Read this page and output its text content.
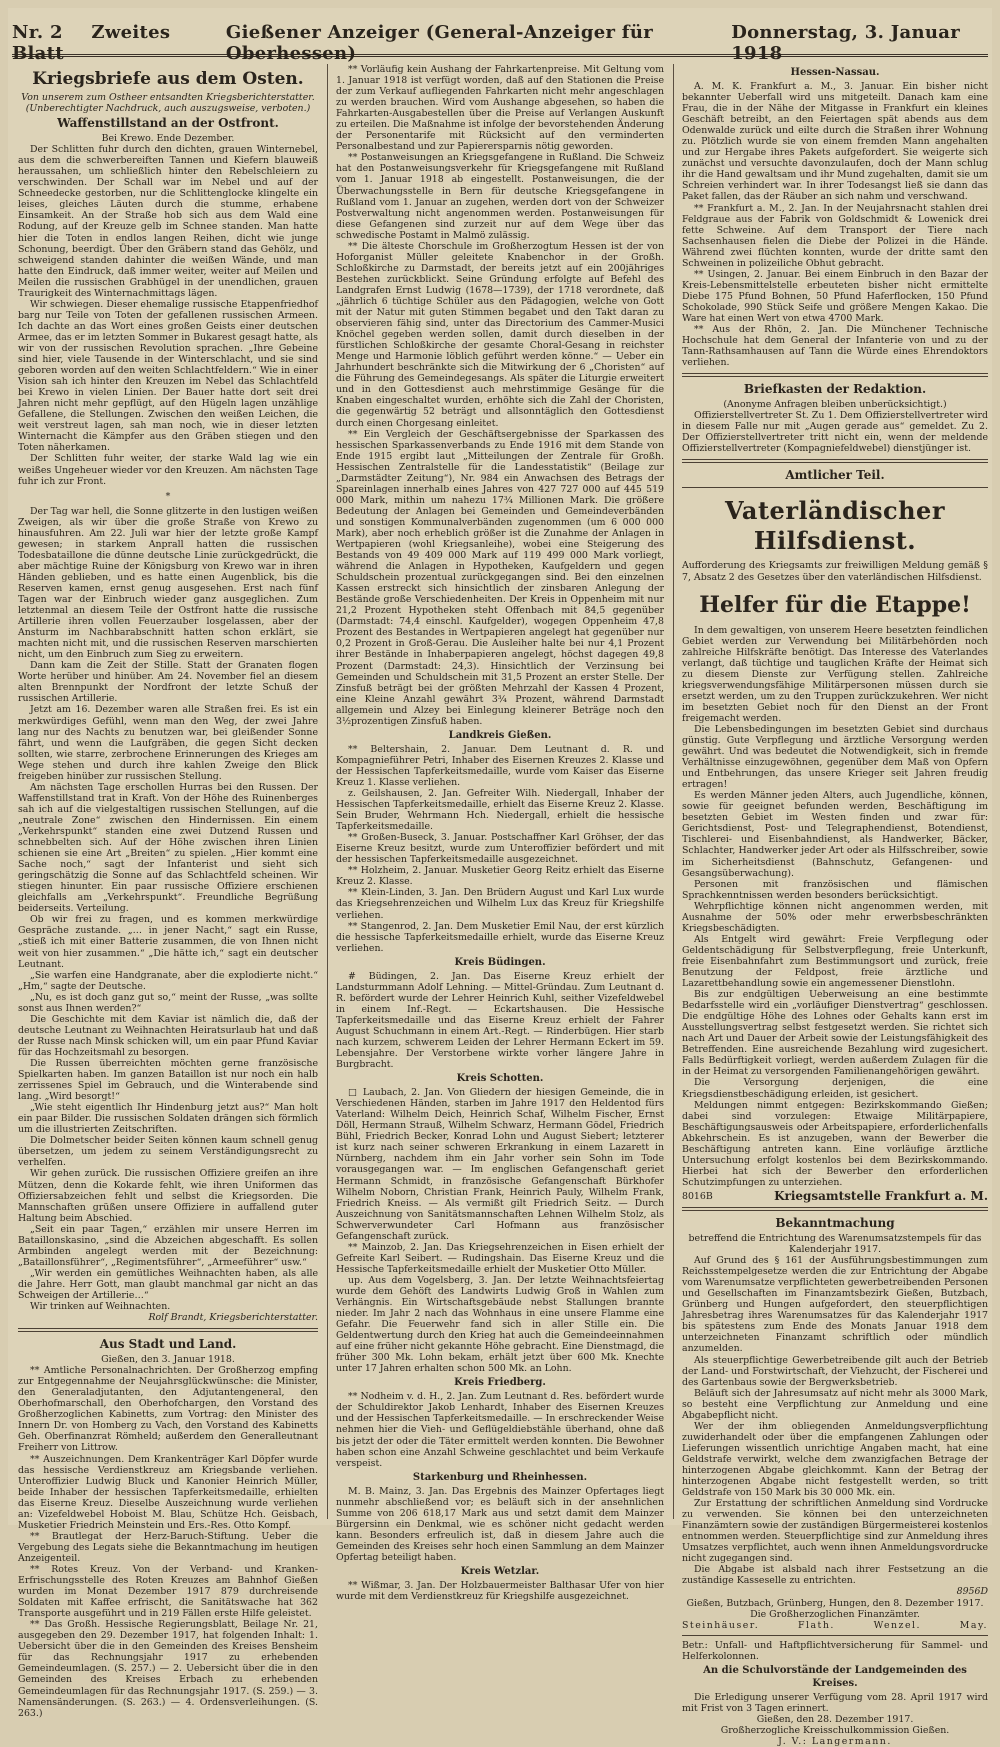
Nr. 2 Zweites Blatt
Gießener Anzeiger (General-Anzeiger für Oberhessen)
Donnerstag, 3. Januar 1918
Kriegsbriefe aus dem Osten.

Von unserem zum Ostheer entsandten Kriegsberichterstatter. (Unberechtigter Nachdruck, auch auszugsweise, verboten.)

Waffenstillstand an der Ostfront.

Bei Krewo. Ende Dezember.

Der Schlitten fuhr durch den dichten, grauen Winternebel, aus dem die schwerbereiften Tannen und Kiefern blauweiß heraussahen, um schließlich hinter den Rebelschleiern zu verschwinden. Der Schall war im Nebel und auf der Schneedecke gestorben, nur die Schlittenglocke klingelte ein leises, gleiches Läuten durch die stumme, erhabene Einsamkeit. An der Straße hob sich aus dem Wald eine Rodung, auf der Kreuze gelb im Schnee standen. Man hatte hier die Toten in endlos langen Reihen, dicht wie junge Schonung, beerdigt. Über den Gräbern stand das Gehölz, und schweigend standen dahinter die weißen Wände, und man hatte den Eindruck, daß immer weiter, weiter auf Meilen und Meilen die russischen Grabhügel in der unendlichen, grauen Traurigkeit des Winternachmittags lägen.

Wir schwiegen. Dieser ehemalige russische Etappenfriedhof barg nur Teile von Toten der gefallenen russischen Armeen. Ich dachte an das Wort eines großen Geists einer deutschen Armee, das er im letzten Sommer in Bukarest gesagt hatte, als wir von der russischen Revolution sprachen. „Ihre Gebeine sind hier, viele Tausende in der Winterschlacht, und sie sind geboren worden auf den weiten Schlachtfeldern.“ Wie in einer Vision sah ich hinter den Kreuzen im Nebel das Schlachtfeld bei Krewo in vielen Linien. Der Bauer hatte dort seit drei Jahren nicht mehr gepflügt, auf den Hügeln lagen unzählige Gefallene, die Stellungen. Zwischen den weißen Leichen, die weit verstreut lagen, sah man noch, wie in dieser letzten Winternacht die Kämpfer aus den Gräben stiegen und den Toten näherkamen.

Der Schlitten fuhr weiter, der starke Wald lag wie ein weißes Ungeheuer wieder vor den Kreuzen. Am nächsten Tage fuhr ich zur Front.

*

Der Tag war hell, die Sonne glitzerte in den lustigen weißen Zweigen, als wir über die große Straße von Krewo zu hinausfuhren. Am 22. Juli war hier der letzte große Kampf gewesen; in starkem Anprall hatten die russischen Todesbataillone die dünne deutsche Linie zurückgedrückt, die aber mächtige Ruine der Königsburg von Krewo war in ihren Händen geblieben, und es hatte einen Augenblick, bis die Reserven kamen, ernst genug ausgesehen. Erst nach fünf Tagen war der Einbruch wieder ganz ausgeglichen. Zum letztenmal an diesem Teile der Ostfront hatte die russische Artillerie ihren vollen Feuerzauber losgelassen, aber der Ansturm im Nachbarabschnitt hatten schon erklärt, sie machten nicht mit, und die russischen Reserven marschierten nicht, um den Einbruch zum Sieg zu erweitern.

Dann kam die Zeit der Stille. Statt der Granaten flogen Worte herüber und hinüber. Am 24. November fiel an diesem alten Brennpunkt der Nordfront der letzte Schuß der russischen Artillerie.

Jetzt am 16. Dezember waren alle Straßen frei. Es ist ein merkwürdiges Gefühl, wenn man den Weg, der zwei Jahre lang nur des Nachts zu benutzen war, bei gleißender Sonne fährt, und wenn die Laufgräben, die gegen Sicht decken sollten, wie starre, zerbrochene Erinnerungen des Krieges am Wege stehen und durch ihre kahlen Zweige den Blick freigeben hinüber zur russischen Stellung.

Am nächsten Tage erschollen Hurras bei den Russen. Der Waffenstillstand trat in Kraft. Von der Höhe des Ruinenberges sah ich auf die vielgestaltigen russischen Stellungen, auf die „neutrale Zone“ zwischen den Hindernissen. Ein einem „Verkehrspunkt“ standen eine zwei Dutzend Russen und schnebbelten sich. Auf der Höhe zwischen ihren Linien schienen sie eine Art „Breiten“ zu spielen. „Hier kommt eine Sache noch,“ sagt der Infanterist und sieht sich geringschätzig die Sonne auf das Schlachtfeld scheinen. Wir stiegen hinunter. Ein paar russische Offiziere erschienen gleichfalls am „Verkehrspunkt“. Freundliche Begrüßung beiderseits. Verteilung.

Ob wir frei zu fragen, und es kommen merkwürdige Gespräche zustande. „… in jener Nacht,“ sagt ein Russe, „stieß ich mit einer Batterie zusammen, die von Ihnen nicht weit von hier zusammen.“ „Die hätte ich,“ sagt ein deutscher Leutnant.

„Sie warfen eine Handgranate, aber die explodierte nicht.“ „Hm,“ sagte der Deutsche.

„Nu, es ist doch ganz gut so,“ meint der Russe, „was sollte sonst aus Ihnen werden?“

Die Geschichte mit dem Kaviar ist nämlich die, daß der deutsche Leutnant zu Weihnachten Heiratsurlaub hat und daß der Russe nach Minsk schicken will, um ein paar Pfund Kaviar für das Hochzeitsmahl zu besorgen.

Die Russen überreichten möchten gerne französische Spielkarten haben. Im ganzen Bataillon ist nur noch ein halb zerrissenes Spiel im Gebrauch, und die Winterabende sind lang. „Wird besorgt!“

„Wie steht eigentlich Ihr Hindenburg jetzt aus?“ Man holt ein paar Bilder. Die russischen Soldaten drängen sich förmlich um die illustrierten Zeitschriften.

Die Dolmetscher beider Seiten können kaum schnell genug übersetzen, um jedem zu seinem Verständigungsrecht zu verhelfen.

Wir gehen zurück. Die russischen Offiziere greifen an ihre Mützen, denn die Kokarde fehlt, wie ihren Uniformen das Offiziersabzeichen fehlt und selbst die Kriegsorden. Die Mannschaften grüßen unsere Offiziere in auffallend guter Haltung beim Abschied.

„Seit ein paar Tagen,“ erzählen mir unsere Herren im Bataillonskasino, „sind die Abzeichen abgeschafft. Es sollen Armbinden angelegt werden mit der Bezeichnung: „Bataillonsführer“, „Regimentsführer“, „Armeeführer“ usw.“

„Wir werden ein gemütliches Weihnachten haben, als alle die Jahre. Herr Gott, man glaubt manchmal gar nicht an das Schweigen der Artillerie…“

Wir trinken auf Weihnachten.

Rolf Brandt, Kriegsberichterstatter.

Aus Stadt und Land.

Gießen, den 3. Januar 1918.

** Amtliche Personalnachrichten. Der Großherzog empfing zur Entgegennahme der Neujahrsglückwünsche: die Minister, den Generaladjutanten, den Adjutantengeneral, den Oberhofmarschall, den Oberhofchargen, den Vorstand des Großherzoglichen Kabinetts, zum Vortrag: den Minister des Innern Dr. von Homberg zu Vach, den Vorstand des Kabinetts Geh. Oberfinanzrat Römheld; außerdem den Generalleutnant Freiherr von Littrow.

** Auszeichnungen. Dem Krankenträger Karl Döpfer wurde das hessische Verdienstkreuz am Kriegsbande verliehen. Unteroffizier Ludwig Bluck und Kanonier Heinrich Müller, beide Inhaber der hessischen Tapferkeitsmedaille, erhielten das Eiserne Kreuz. Dieselbe Auszeichnung wurde verliehen an: Vizefeldwebel Hoboist M. Blau, Schütze Hch. Geisbach, Musketier Friedrich Meinstein und Ers.-Res. Otto Kompf.

** Brautlegat der Herz-Baruch-Stiftung. Ueber die Vergebung des Legats siehe die Bekanntmachung im heutigen Anzeigenteil.

** Rotes Kreuz. Von der Verband- und Kranken-Erfrischungsstelle des Roten Kreuzes am Bahnhof Gießen wurden im Monat Dezember 1917 879 durchreisende Soldaten mit Kaffee erfrischt, die Sanitätswache hat 362 Transporte ausgeführt und in 219 Fällen erste Hilfe geleistet.

** Das Großh. Hessische Regierungsblatt, Beilage Nr. 21, ausgegeben den 29. Dezember 1917, hat folgenden Inhalt: 1. Uebersicht über die in den Gemeinden des Kreises Bensheim für das Rechnungsjahr 1917 zu erhebenden Gemeindeumlagen. (S. 257.) — 2. Uebersicht über die in den Gemeinden des Kreises Erbach zu erhebenden Gemeindeumlagen für das Rechnungsjahr 1917. (S. 259.) — 3. Namensänderungen. (S. 263.) — 4. Ordensverleihungen. (S. 263.)

** Vorläufig kein Aushang der Fahrkartenpreise. Mit Geltung vom 1. Januar 1918 ist verfügt worden, daß auf den Stationen die Preise der zum Verkauf aufliegenden Fahrkarten nicht mehr angeschlagen zu werden brauchen. Wird vom Aushange abgesehen, so haben die Fahrkarten-Ausgabestellen über die Preise auf Verlangen Auskunft zu erteilen. Die Maßnahme ist infolge der bevorstehenden Änderung der Personentarife mit Rücksicht auf den verminderten Personalbestand und zur Papierersparnis nötig geworden.

** Postanweisungen an Kriegsgefangene in Rußland. Die Schweiz hat den Postanweisungsverkehr für Kriegsgefangene mit Rußland vom 1. Januar 1918 ab eingestellt. Postanweisungen, die der Überwachungsstelle in Bern für deutsche Kriegsgefangene in Rußland vom 1. Januar an zugehen, werden dort von der Schweizer Postverwaltung nicht angenommen werden. Postanweisungen für diese Gefangenen sind zurzeit nur auf dem Wege über das schwedische Postamt in Malmö zulässig.

** Die älteste Chorschule im Großherzogtum Hessen ist der von Hoforganist Müller geleitete Knabenchor in der Großh. Schloßkirche zu Darmstadt, der bereits jetzt auf ein 200jähriges Bestehen zurückblickt. Seine Gründung erfolgte auf Befehl des Landgrafen Ernst Ludwig (1678—1739), der 1718 verordnete, daß „jährlich 6 tüchtige Schüler aus den Pädagogien, welche von Gott mit der Natur mit guten Stimmen begabet und den Takt daran zu observieren fähig sind, unter das Directorium des Cammer-Musici Knöchel gegeben werden sollen, damit durch dieselben in der fürstlichen Schloßkirche der gesamte Choral-Gesang in reichster Menge und Harmonie löblich geführt werden könne.“ — Ueber ein Jahrhundert beschränkte sich die Mitwirkung der 6 „Choristen“ auf die Führung des Gemeindegesangs. Als später die Liturgie erweitert und in den Gottesdienst auch mehrstimmige Gesänge für die Knaben eingeschaltet wurden, erhöhte sich die Zahl der Choristen, die gegenwärtig 52 beträgt und allsonntäglich den Gottesdienst durch einen Chorgesang einleitet.

** Ein Vergleich der Geschäftsergebnisse der Sparkassen des hessischen Sparkassenverbands zu Ende 1916 mit dem Stande von Ende 1915 ergibt laut „Mitteilungen der Zentrale für Großh. Hessischen Zentralstelle für die Landesstatistik“ (Beilage zur „Darmstädter Zeitung“), Nr. 984 ein Anwachsen des Betrags der Spareinlagen innerhalb eines Jahres von 427 727 000 auf 445 519 000 Mark, mithin um nahezu 17¾ Millionen Mark. Die größere Bedeutung der Anlagen bei Gemeinden und Gemeindeverbänden und sonstigen Kommunalverbänden zugenommen (um 6 000 000 Mark), aber noch erheblich größer ist die Zunahme der Anlagen in Wertpapieren (wohl Kriegsanleihe), wobei eine Steigerung des Bestands von 49 409 000 Mark auf 119 499 000 Mark vorliegt, während die Anlagen in Hypotheken, Kaufgeldern und gegen Schuldschein prozentual zurückgegangen sind. Bei den einzelnen Kassen erstreckt sich hinsichtlich der zinsbaren Anlegung der Bestände große Verschiedenheiten. Der Kreis in Oppenheim mit nur 21,2 Prozent Hypotheken steht Offenbach mit 84,5 gegenüber (Darmstadt: 74,4 einschl. Kaufgelder), wogegen Oppenheim 47,8 Prozent des Bestandes in Wertpapieren angelegt hat gegenüber nur 0,2 Prozent in Groß-Gerau. Die Ausleiher halte bei nur 4,1 Prozent ihrer Bestände in Inhaberpapieren angelegt, höchst dagegen 49,8 Prozent (Darmstadt: 24,3). Hinsichtlich der Verzinsung bei Gemeinden und Schuldschein mit 31,5 Prozent an erster Stelle. Der Zinsfuß beträgt bei der größten Mehrzahl der Kassen 4 Prozent, eine Kleine Anzahl gewährt 3¾ Prozent, während Darmstadt allgemein und Alzey bei Einlegung kleinerer Beträge noch den 3½prozentigen Zinsfuß haben.

Landkreis Gießen.

** Beltershain, 2. Januar. Dem Leutnant d. R. und Kompagnieführer Petri, Inhaber des Eisernen Kreuzes 2. Klasse und der Hessischen Tapferkeitsmedaille, wurde vom Kaiser das Eiserne Kreuz 1. Klasse verliehen.

z. Geilshausen, 2. Jan. Gefreiter Wilh. Niedergall, Inhaber der Hessischen Tapferkeitsmedaille, erhielt das Eiserne Kreuz 2. Klasse. Sein Bruder, Wehrmann Hch. Niedergall, erhielt die hessische Tapferkeitsmedaille.

** Großen-Buseck, 3. Januar. Postschaffner Karl Gröhser, der das Eiserne Kreuz besitzt, wurde zum Unteroffizier befördert und mit der hessischen Tapferkeitsmedaille ausgezeichnet.

** Holzheim, 2. Januar. Musketier Georg Reitz erhielt das Eiserne Kreuz 2. Klasse.

** Klein-Linden, 3. Jan. Den Brüdern August und Karl Lux wurde das Kriegsehrenzeichen und Wilhelm Lux das Kreuz für Kriegshilfe verliehen.

** Stangenrod, 2. Jan. Dem Musketier Emil Nau, der erst kürzlich die hessische Tapferkeitsmedaille erhielt, wurde das Eiserne Kreuz verliehen.

Kreis Büdingen.

# Büdingen, 2. Jan. Das Eiserne Kreuz erhielt der Landsturmmann Adolf Lehning. — Mittel-Gründau. Zum Leutnant d. R. befördert wurde der Lehrer Heinrich Kuhl, seither Vizefeldwebel in einem Inf.-Regt. — Eckartshausen. Die Hessische Tapferkeitsmedaille und das Eiserne Kreuz erhielt der Fahrer August Schuchmann in einem Art.-Regt. — Rinderbügen. Hier starb nach kurzem, schwerem Leiden der Lehrer Hermann Eckert im 59. Lebensjahre. Der Verstorbene wirkte vorher längere Jahre in Burgbracht.

Kreis Schotten.

□ Laubach, 2. Jan. Von Gliedern der hiesigen Gemeinde, die in Verschiedenen Händen, starben im Jahre 1917 den Heldentod fürs Vaterland: Wilhelm Deich, Heinrich Schaf, Wilhelm Fischer, Ernst Döll, Hermann Strauß, Wilhelm Schwarz, Hermann Gödel, Friedrich Bühl, Friedrich Becker, Konrad Lohn und August Siebert; letzterer ist kurz nach seiner schweren Erkrankung in einem Lazarett in Nürnberg, nachdem ihm ein Jahr vorher sein Sohn im Tode vorausgegangen war. — Im englischen Gefangenschaft geriet Hermann Schmidt, in französische Gefangenschaft Bürkhofer Wilhelm Noborn, Christian Frank, Heinrich Pauly, Wilhelm Frank, Friedrich Kneiss. — Als vermißt gilt Friedrich Seitz. — Durch Auszeichnung von Sanitätsmannschaften Lehnen Wilhelm Stolz, als Schwerverwundeter Carl Hofmann aus französischer Gefangenschaft zurück.

** Mainzob, 2. Jan. Das Kriegsehrenzeichen in Eisen erhielt der Gefreite Karl Seibert. — Rudingshain. Das Eiserne Kreuz und die Hessische Tapferkeitsmedaille erhielt der Musketier Otto Müller.

up. Aus dem Vogelsberg, 3. Jan. Der letzte Weihnachtsfeiertag wurde dem Gehöft des Landwirts Ludwig Groß in Wahlen zum Verhängnis. Ein Wirtschaftsgebäude nebst Stallungen brannte nieder. Im Jahr 2 nach das Wohnhaus in eine unsere Flamme eine Gefahr. Die Feuerwehr fand sich in aller Stille ein. Die Geldentwertung durch den Krieg hat auch die Gemeindeeinnahmen auf eine früher nicht gekannte Höhe gebracht. Eine Dienstmagd, die früher 300 Mk. Lohn bekam, erhält jetzt über 600 Mk. Knechte unter 17 Jahren erhalten schon 500 Mk. an Lohn.

Kreis Friedberg.

** Nodheim v. d. H., 2. Jan. Zum Leutnant d. Res. befördert wurde der Schuldirektor Jakob Lenhardt, Inhaber des Eisernen Kreuzes und der Hessischen Tapferkeitsmedaille. — In erschreckender Weise nehmen hier die Vieh- und Geflügeldiebstähle überhand, ohne daß bis jetzt der oder die Täter ermittelt werden konnten. Die Bewohner haben schon eine Anzahl Schweine geschlachtet und beim Verkaufe verspeist.

Starkenburg und Rheinhessen.

M. B. Mainz, 3. Jan. Das Ergebnis des Mainzer Opfertages liegt nunmehr abschließend vor; es beläuft sich in der ansehnlichen Summe von 206 618,17 Mark aus und setzt damit dem Mainzer Bürgersinn ein Denkmal, wie es schöner nicht gedacht werden kann. Besonders erfreulich ist, daß in diesem Jahre auch die Gemeinden des Kreises sehr hoch einen Sammlung an dem Mainzer Opfertag beteiligt haben.

Kreis Wetzlar.

** Wißmar, 3. Jan. Der Holzbauermeister Balthasar Ufer von hier wurde mit dem Verdienstkreuz für Kriegshilfe ausgezeichnet.

Hessen-Nassau.

A. M. K. Frankfurt a. M., 3. Januar. Ein bisher nicht bekannter Ueberfall wird uns mitgeteilt. Danach kam eine Frau, die in der Nähe der Mitgasse in Frankfurt ein kleines Geschäft betreibt, an den Feiertagen spät abends aus dem Odenwalde zurück und eilte durch die Straßen ihrer Wohnung zu. Plötzlich wurde sie von einem fremden Mann angehalten und zur Hergabe ihres Pakets aufgefordert. Sie weigerte sich zunächst und versuchte davonzulaufen, doch der Mann schlug ihr die Hand gewaltsam und ihr Mund zugehalten, damit sie um Schreien verhindert war. In ihrer Todesangst ließ sie dann das Paket fallen, das der Räuber an sich nahm und verschwand.

** Frankfurt a. M., 2. Jan. In der Neujahrsnacht stahlen drei Feldgraue aus der Fabrik von Goldschmidt & Lowenick drei fette Schweine. Auf dem Transport der Tiere nach Sachsenhausen fielen die Diebe der Polizei in die Hände. Während zwei flüchten konnten, wurde der dritte samt den Schweinen in polizeiliche Obhut gebracht.

** Usingen, 2. Januar. Bei einem Einbruch in den Bazar der Kreis-Lebensmittelstelle erbeuteten bisher nicht ermittelte Diebe 175 Pfund Bohnen, 50 Pfund Haferflocken, 150 Pfund Schokolade, 990 Stück Seife und größere Mengen Kakao. Die Ware hat einen Wert von etwa 4700 Mark.

** Aus der Rhön, 2. Jan. Die Münchener Technische Hochschule hat dem General der Infanterie von und zu der Tann-Rathsamhausen auf Tann die Würde eines Ehrendoktors verliehen.

Briefkasten der Redaktion.

(Anonyme Anfragen bleiben unberücksichtigt.)

Offizierstellvertreter St. Zu 1. Dem Offizierstellvertreter wird in diesem Falle nur mit „Augen gerade aus“ gemeldet. Zu 2. Der Offizierstellvertreter tritt nicht ein, wenn der meldende Offizierstellvertreter (Kompagniefeldwebel) dienstjünger ist.

Amtlicher Teil.
Vaterländischer Hilfsdienst.

Aufforderung des Kriegsamts zur freiwilligen Meldung gemäß § 7, Absatz 2 des Gesetzes über den vaterländischen Hilfsdienst.

Helfer für die Etappe!

In dem gewaltigen, von unserem Heere besetzten feindlichen Gebiet werden zur Verwendung bei Militärbehörden noch zahlreiche Hilfskräfte benötigt. Das Interesse des Vaterlandes verlangt, daß tüchtige und tauglichen Kräfte der Heimat sich zu diesem Dienste zur Verfügung stellen. Zahlreiche kriegsverwendungsfähige Militärpersonen müssen durch sie ersetzt werden, um zu den Truppen zurückzukehren. Wer nicht im besetzten Gebiet noch für den Dienst an der Front freigemacht werden.

Die Lebensbedingungen im besetzten Gebiet sind durchaus günstig. Gute Verpflegung und ärztliche Versorgung werden gewährt. Und was bedeutet die Notwendigkeit, sich in fremde Verhältnisse einzugewöhnen, gegenüber dem Maß von Opfern und Entbehrungen, das unsere Krieger seit Jahren freudig ertragen!

Es werden Männer jeden Alters, auch Jugendliche, können, sowie für geeignet befunden werden, Beschäftigung im besetzten Gebiet im Westen finden und zwar für: Gerichtsdienst, Post- und Telegraphendienst, Botendienst, Tischlerei- und Eisenbahndienst, als Handwerker, Bäcker, Schlachter, Handwerker jeder Art oder als Hilfsschreiber, sowie im Sicherheitsdienst (Bahnschutz, Gefangenen- und Gesangsüberwachung).

Personen mit französischen und flämischen Sprachkenntnissen werden besonders berücksichtigt.

Wehrpflichtige können nicht angenommen werden, mit Ausnahme der 50% oder mehr erwerbsbeschränkten Kriegsbeschädigten.

Als Entgelt wird gewährt: Freie Verpflegung oder Geldentschädigung für Selbstverpflegung, freie Unterkunft, freie Eisenbahnfahrt zum Bestimmungsort und zurück, freie Benutzung der Feldpost, freie ärztliche und Lazarettbehandlung sowie ein angemessener Dienstlohn.

Bis zur endgültigen Ueberweisung an eine bestimmte Bedarfsstelle wird ein „vorläufiger Dienstvertrag“ geschlossen. Die endgültige Höhe des Lohnes oder Gehalts kann erst im Ausstellungsvertrag selbst festgesetzt werden. Sie richtet sich nach Art und Dauer der Arbeit sowie der Leistungsfähigkeit des Betreffenden. Eine ausreichende Bezahlung wird zugesichert. Falls Bedürftigkeit vorliegt, werden außerdem Zulagen für die in der Heimat zu versorgenden Familienangehörigen gewährt.

Die Versorgung derjenigen, die eine Kriegsdienstbeschädigung erleiden, ist gesichert.

Meldungen nimmt entgegen: Bezirkskommando Gießen; dabei sind vorzulegen: Etwaige Militärpapiere, Beschäftigungsausweis oder Arbeitspapiere, erforderlichenfalls Abkehrschein. Es ist anzugeben, wann der Bewerber die Beschäftigung antreten kann. Eine vorläufige ärztliche Untersuchung erfolgt kostenlos bei dem Bezirkskommando. Hierbei hat sich der Bewerber den erforderlichen Schutzimpfungen zu unterziehen.

8016B	Kriegsamtstelle Frankfurt a. M.
Bekanntmachung

betreffend die Entrichtung des Warenumsatzstempels für das Kalenderjahr 1917.

Auf Grund des § 161 der Ausführungsbestimmungen zum Reichsstempelgesetze werden die zur Entrichtung der Abgabe vom Warenumsatze verpflichteten gewerbetreibenden Personen und Gesellschaften im Finanzamtsbezirk Gießen, Butzbach, Grünberg und Hungen aufgefordert, den steuerpflichtigen Jahresbetrag ihres Warenumsatzes für das Kalenderjahr 1917 bis spätestens zum Ende des Monats Januar 1918 dem unterzeichneten Finanzamt schriftlich oder mündlich anzumelden.

Als steuerpflichtige Gewerbetreibende gilt auch der Betrieb der Land- und Forstwirtschaft, der Viehzucht, der Fischerei und des Gartenbaus sowie der Bergwerksbetrieb.

Beläuft sich der Jahresumsatz auf nicht mehr als 3000 Mark, so besteht eine Verpflichtung zur Anmeldung und eine Abgabepflicht nicht.

Wer der ihm obliegenden Anmeldungsverpflichtung zuwiderhandelt oder über die empfangenen Zahlungen oder Lieferungen wissentlich unrichtige Angaben macht, hat eine Geldstrafe verwirkt, welche dem zwanzigfachen Betrage der hinterzogenen Abgabe gleichkommt. Kann der Betrag der hinterzogenen Abgabe nicht festgestellt werden, so tritt Geldstrafe von 150 Mark bis 30 000 Mk. ein.

Zur Erstattung der schriftlichen Anmeldung sind Vordrucke zu verwenden. Sie können bei den unterzeichneten Finanzämtern sowie der zuständigen Bürgermeisterei kostenlos entnommen werden. Steuerpflichtige sind zur Anmeldung ihres Umsatzes verpflichtet, auch wenn ihnen Anmeldungsvordrucke nicht zugegangen sind.

Die Abgabe ist alsbald nach ihrer Festsetzung an die zuständige Kasseselle zu entrichten.

8956D

Gießen, Butzbach, Grünberg, Hungen, den 8. Dezember 1917.

Die Großherzoglichen Finanzämter.

Steinhäuser.	Flath.	Wenzel.	May.

Betr.: Unfall- und Haftpflichtversicherung für Sammel- und Helferkolonnen.

An die Schulvorstände der Landgemeinden des Kreises.

Die Erledigung unserer Verfügung vom 28. April 1917 wird mit Frist von 3 Tagen erinnert.

Gießen, den 28. Dezember 1917.

Großherzogliche Kreisschulkommission Gießen.

J. V.: Langermann.
